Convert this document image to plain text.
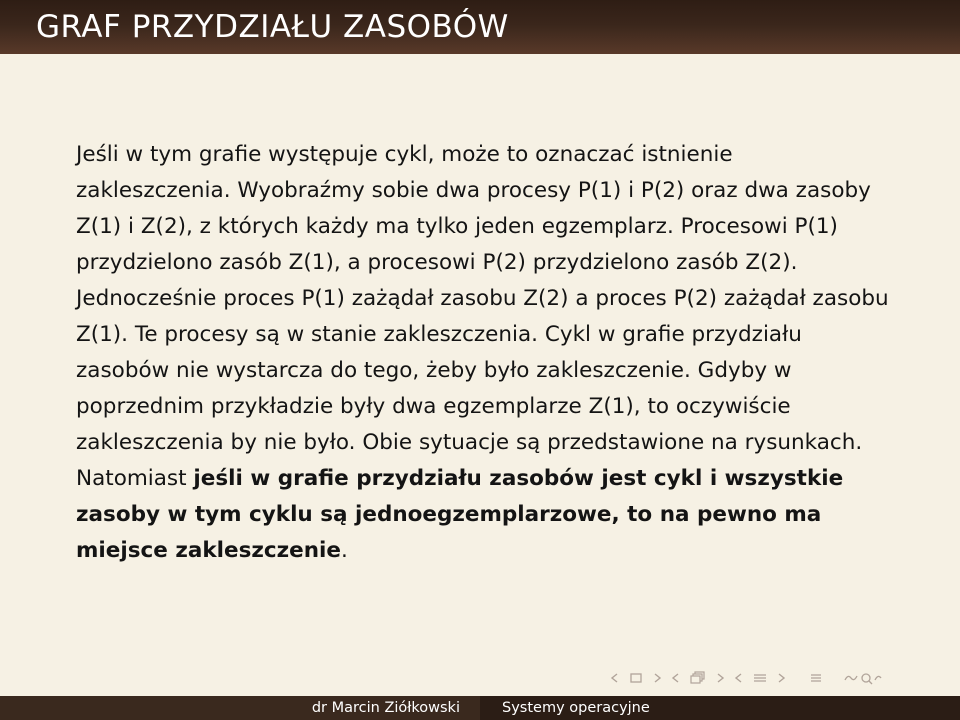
GRAF PRZYDZIAŁU ZASOBÓW

Jeśli w tym grafie występuje cykl, może to oznaczać istnienie zakleszczenia. Wyobraźmy sobie dwa procesy P(1) i P(2) oraz dwa zasoby Z(1) i Z(2), z których każdy ma tylko jeden egzemplarz. Procesowi P(1) przydzielono zasób Z(1), a procesowi P(2) przydzielono zasób Z(2). Jednocześnie proces P(1) zażądał zasobu Z(2) a proces P(2) zażądał zasobu Z(1). Te procesy są w stanie zakleszczenia. Cykl w grafie przydziału zasobów nie wystarcza do tego, żeby było zakleszczenie. Gdyby w poprzednim przykładzie były dwa egzemplarze Z(1), to oczywiście zakleszczenia by nie było. Obie sytuacje są przedstawione na rysunkach. Natomiast jeśli w grafie przydziału zasobów jest cykl i wszystkie zasoby w tym cyklu są jednoegzemplarzowe, to na pewno ma miejsce zakleszczenie.

dr Marcin Ziółkowski	Systemy operacyjne
